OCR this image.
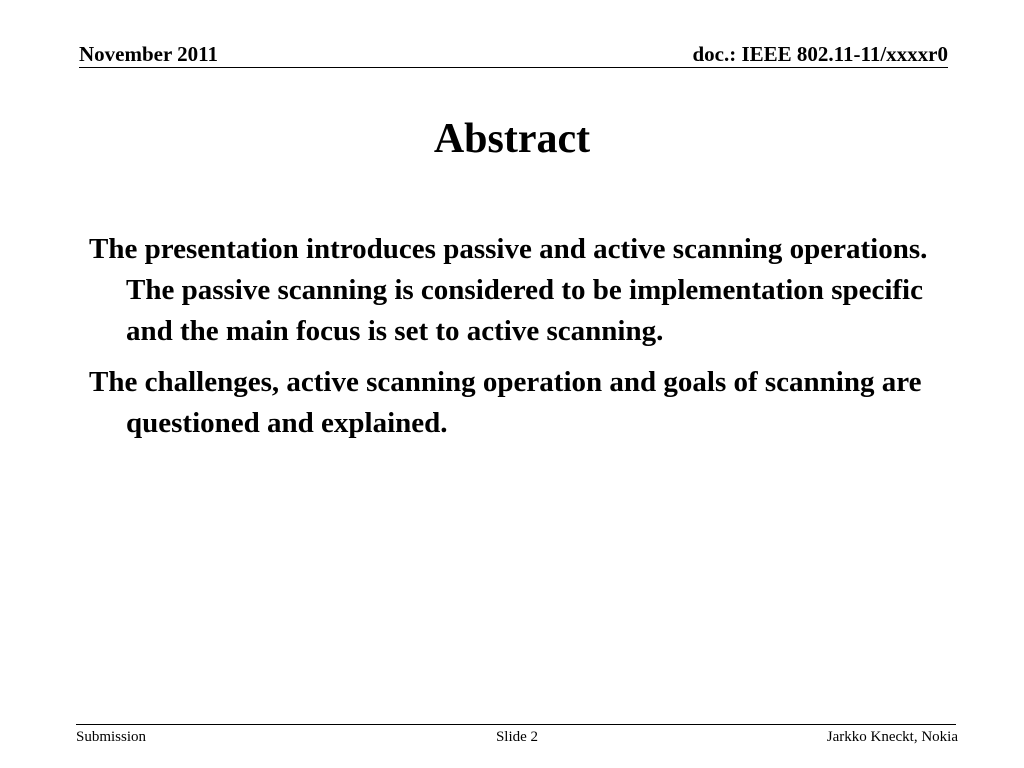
November 2011	doc.: IEEE 802.11-11/xxxxr0
Abstract
The presentation introduces passive and active scanning operations. The passive scanning is considered to be implementation specific and the main focus is set to active scanning.
The challenges, active scanning operation and goals of scanning are questioned and explained.
Submission	Slide 2	Jarkko Kneckt, Nokia
